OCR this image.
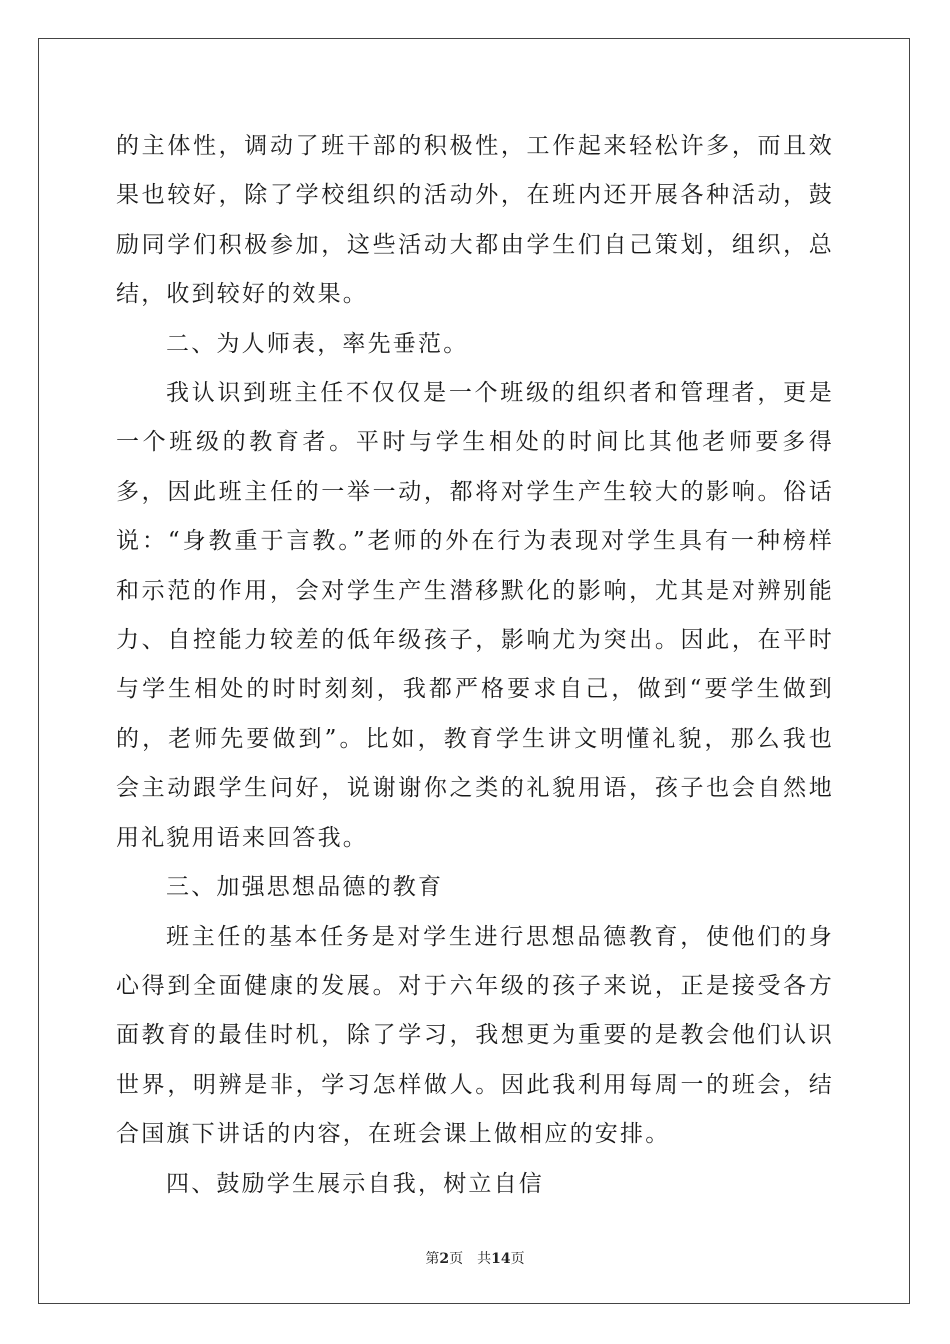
的主体性，调动了班干部的积极性，工作起来轻松许多，而且效果也较好，除了学校组织的活动外，在班内还开展各种活动，鼓励同学们积极参加，这些活动大都由学生们自己策划，组织，总结，收到较好的效果。

二、为人师表，率先垂范。

我认识到班主任不仅仅是一个班级的组织者和管理者，更是一个班级的教育者。平时与学生相处的时间比其他老师要多得多，因此班主任的一举一动，都将对学生产生较大的影响。俗话说：“身教重于言教。”老师的外在行为表现对学生具有一种榜样和示范的作用，会对学生产生潜移默化的影响，尤其是对辨别能力、自控能力较差的低年级孩子，影响尤为突出。因此，在平时与学生相处的时时刻刻，我都严格要求自己，做到“要学生做到的，老师先要做到”。比如，教育学生讲文明懂礼貌，那么我也会主动跟学生问好，说谢谢你之类的礼貌用语，孩子也会自然地用礼貌用语来回答我。

三、加强思想品德的教育

班主任的基本任务是对学生进行思想品德教育，使他们的身心得到全面健康的发展。对于六年级的孩子来说，正是接受各方面教育的最佳时机，除了学习，我想更为重要的是教会他们认识世界，明辨是非，学习怎样做人。因此我利用每周一的班会，结合国旗下讲话的内容，在班会课上做相应的安排。

四、鼓励学生展示自我，树立自信

第2页 共14页
